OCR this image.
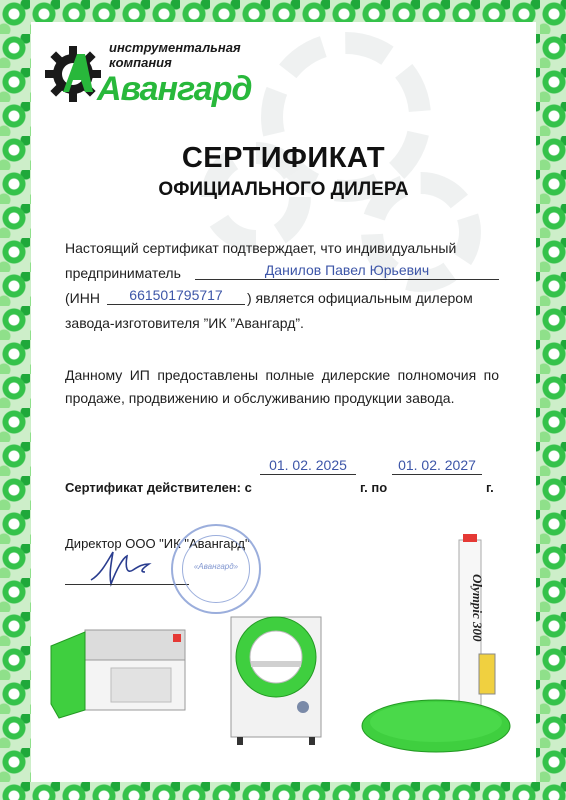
инструментальная
компания
Авангард
СЕРТИФИКАТ
ОФИЦИАЛЬНОГО ДИЛЕРА
Настоящий сертификат подтверждает, что индивидуальный
предприниматель	Данилов Павел Юрьевич
(ИНН	661501795717	) является официальным дилером
завода-изготовителя ”ИК ”Авангард”.
Данному ИП предоставлены полные дилерские полномочия по продаже, продвижению и обслуживанию продукции завода.
Сертификат действителен: с
01. 02. 2025
г. по
01. 02. 2027
г.
Директор ООО "ИК "Авангард"
«Авангард»
Olympic 300
